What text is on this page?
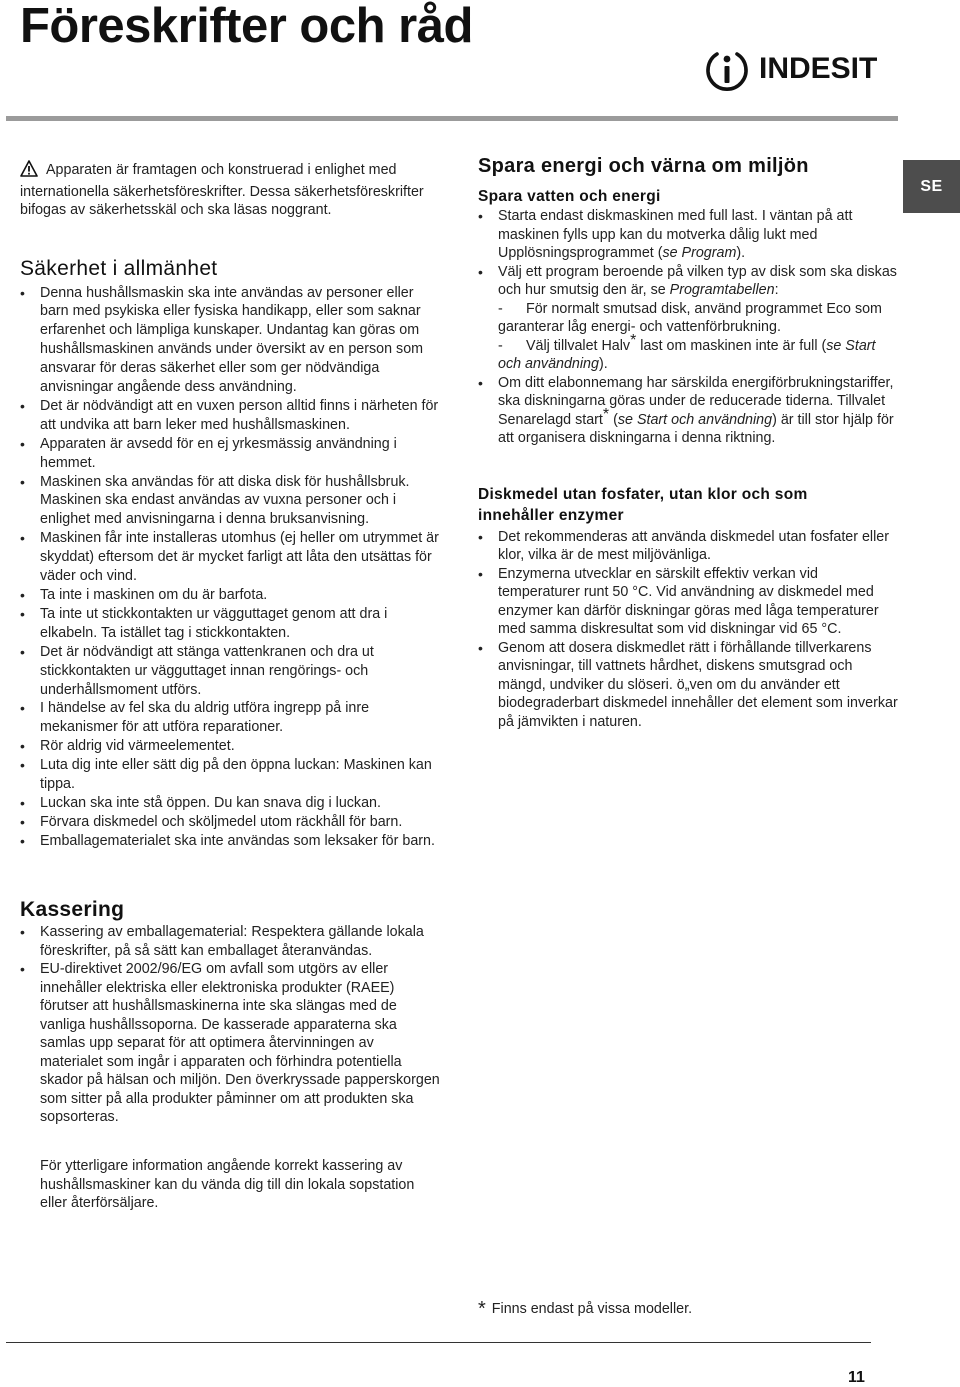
Föreskrifter och råd
INDESIT
SE

Apparaten är framtagen och konstruerad i enlighet med internationella säkerhetsföreskrifter. Dessa säkerhetsföreskrifter bifogas av säkerhetsskäl och ska läsas noggrant.

Säkerhet i allmänhet
• Denna hushållsmaskin ska inte användas av personer eller barn med psykiska eller fysiska handikapp, eller som saknar erfarenhet och lämpliga kunskaper. Undantag kan göras om hushållsmaskinen används under översikt av en person som ansvarar för deras säkerhet eller som ger nödvändiga anvisningar angående dess användning.
• Det är nödvändigt att en vuxen person alltid finns i närheten för att undvika att barn leker med hushållsmaskinen.
• Apparaten är avsedd för en ej yrkesmässig användning i hemmet.
• Maskinen ska användas för att diska disk för hushållsbruk. Maskinen ska endast användas av vuxna personer och i enlighet med anvisningarna i denna bruksanvisning.
• Maskinen får inte installeras utomhus (ej heller om utrymmet är skyddat) eftersom det är mycket farligt att låta den utsättas för väder och vind.
• Ta inte i maskinen om du är barfota.
• Ta inte ut stickkontakten ur vägguttaget genom att dra i elkabeln. Ta istället tag i stickkontakten.
• Det är nödvändigt att stänga vattenkranen och dra ut stickkontakten ur vägguttaget innan rengörings- och underhållsmoment utförs.
• I händelse av fel ska du aldrig utföra ingrepp på inre mekanismer för att utföra reparationer.
• Rör aldrig vid värmeelementet.
• Luta dig inte eller sätt dig på den öppna luckan: Maskinen kan tippa.
• Luckan ska inte stå öppen. Du kan snava dig i luckan.
• Förvara diskmedel och sköljmedel utom räckhåll för barn.
• Emballagematerialet ska inte användas som leksaker för barn.
Kassering
• Kassering av emballagematerial: Respektera gällande lokala föreskrifter, på så sätt kan emballaget återanvändas.
• EU-direktivet 2002/96/EG om avfall som utgörs av eller innehåller elektriska eller elektroniska produkter (RAEE) förutser att hushållsmaskinerna inte ska slängas med de vanliga hushållssoporna. De kasserade apparaterna ska samlas upp separat för att optimera återvinningen av materialet som ingår i apparaten och förhindra potentiella skador på hälsan och miljön. Den överkryssade papperskorgen som sitter på alla produkter påminner om att produkten ska sopsorteras.

För ytterligare information angående korrekt kassering av hushållsmaskiner kan du vända dig till din lokala sopstation eller återförsäljare.

Spara energi och värna om miljön
Spara vatten och energi
• Starta endast diskmaskinen med full last. I väntan på att maskinen fylls upp kan du motverka dålig lukt med Upplösningsprogrammet (se Program).
• Välj ett program beroende på vilken typ av disk som ska diskas och hur smutsig den är, se Programtabellen:
- För normalt smutsad disk, använd programmet Eco som garanterar låg energi- och vattenförbrukning.
- Välj tillvalet Halv* last om maskinen inte är full (se Start och användning).
• Om ditt elabonnemang har särskilda energiförbrukningstariffer, ska diskningarna göras under de reducerade tiderna. Tillvalet Senarelagd start* (se Start och användning) är till stor hjälp för att organisera diskningarna i denna riktning.
Diskmedel utan fosfater, utan klor och som innehåller enzymer
• Det rekommenderas att använda diskmedel utan fosfater eller klor, vilka är de mest miljövänliga.
• Enzymerna utvecklar en särskilt effektiv verkan vid temperaturer runt 50 °C. Vid användning av diskmedel med enzymer kan därför diskningar göras med låga temperaturer med samma diskresultat som vid diskningar vid 65 °C.
• Genom att dosera diskmedlet rätt i förhållande tillverkarens anvisningar, till vattnets hårdhet, diskens smutsgrad och mängd, undviker du slöseri. ö„ven om du använder ett biodegraderbart diskmedel innehåller det element som inverkar på jämvikten i naturen.
* Finns endast på vissa modeller.
11
